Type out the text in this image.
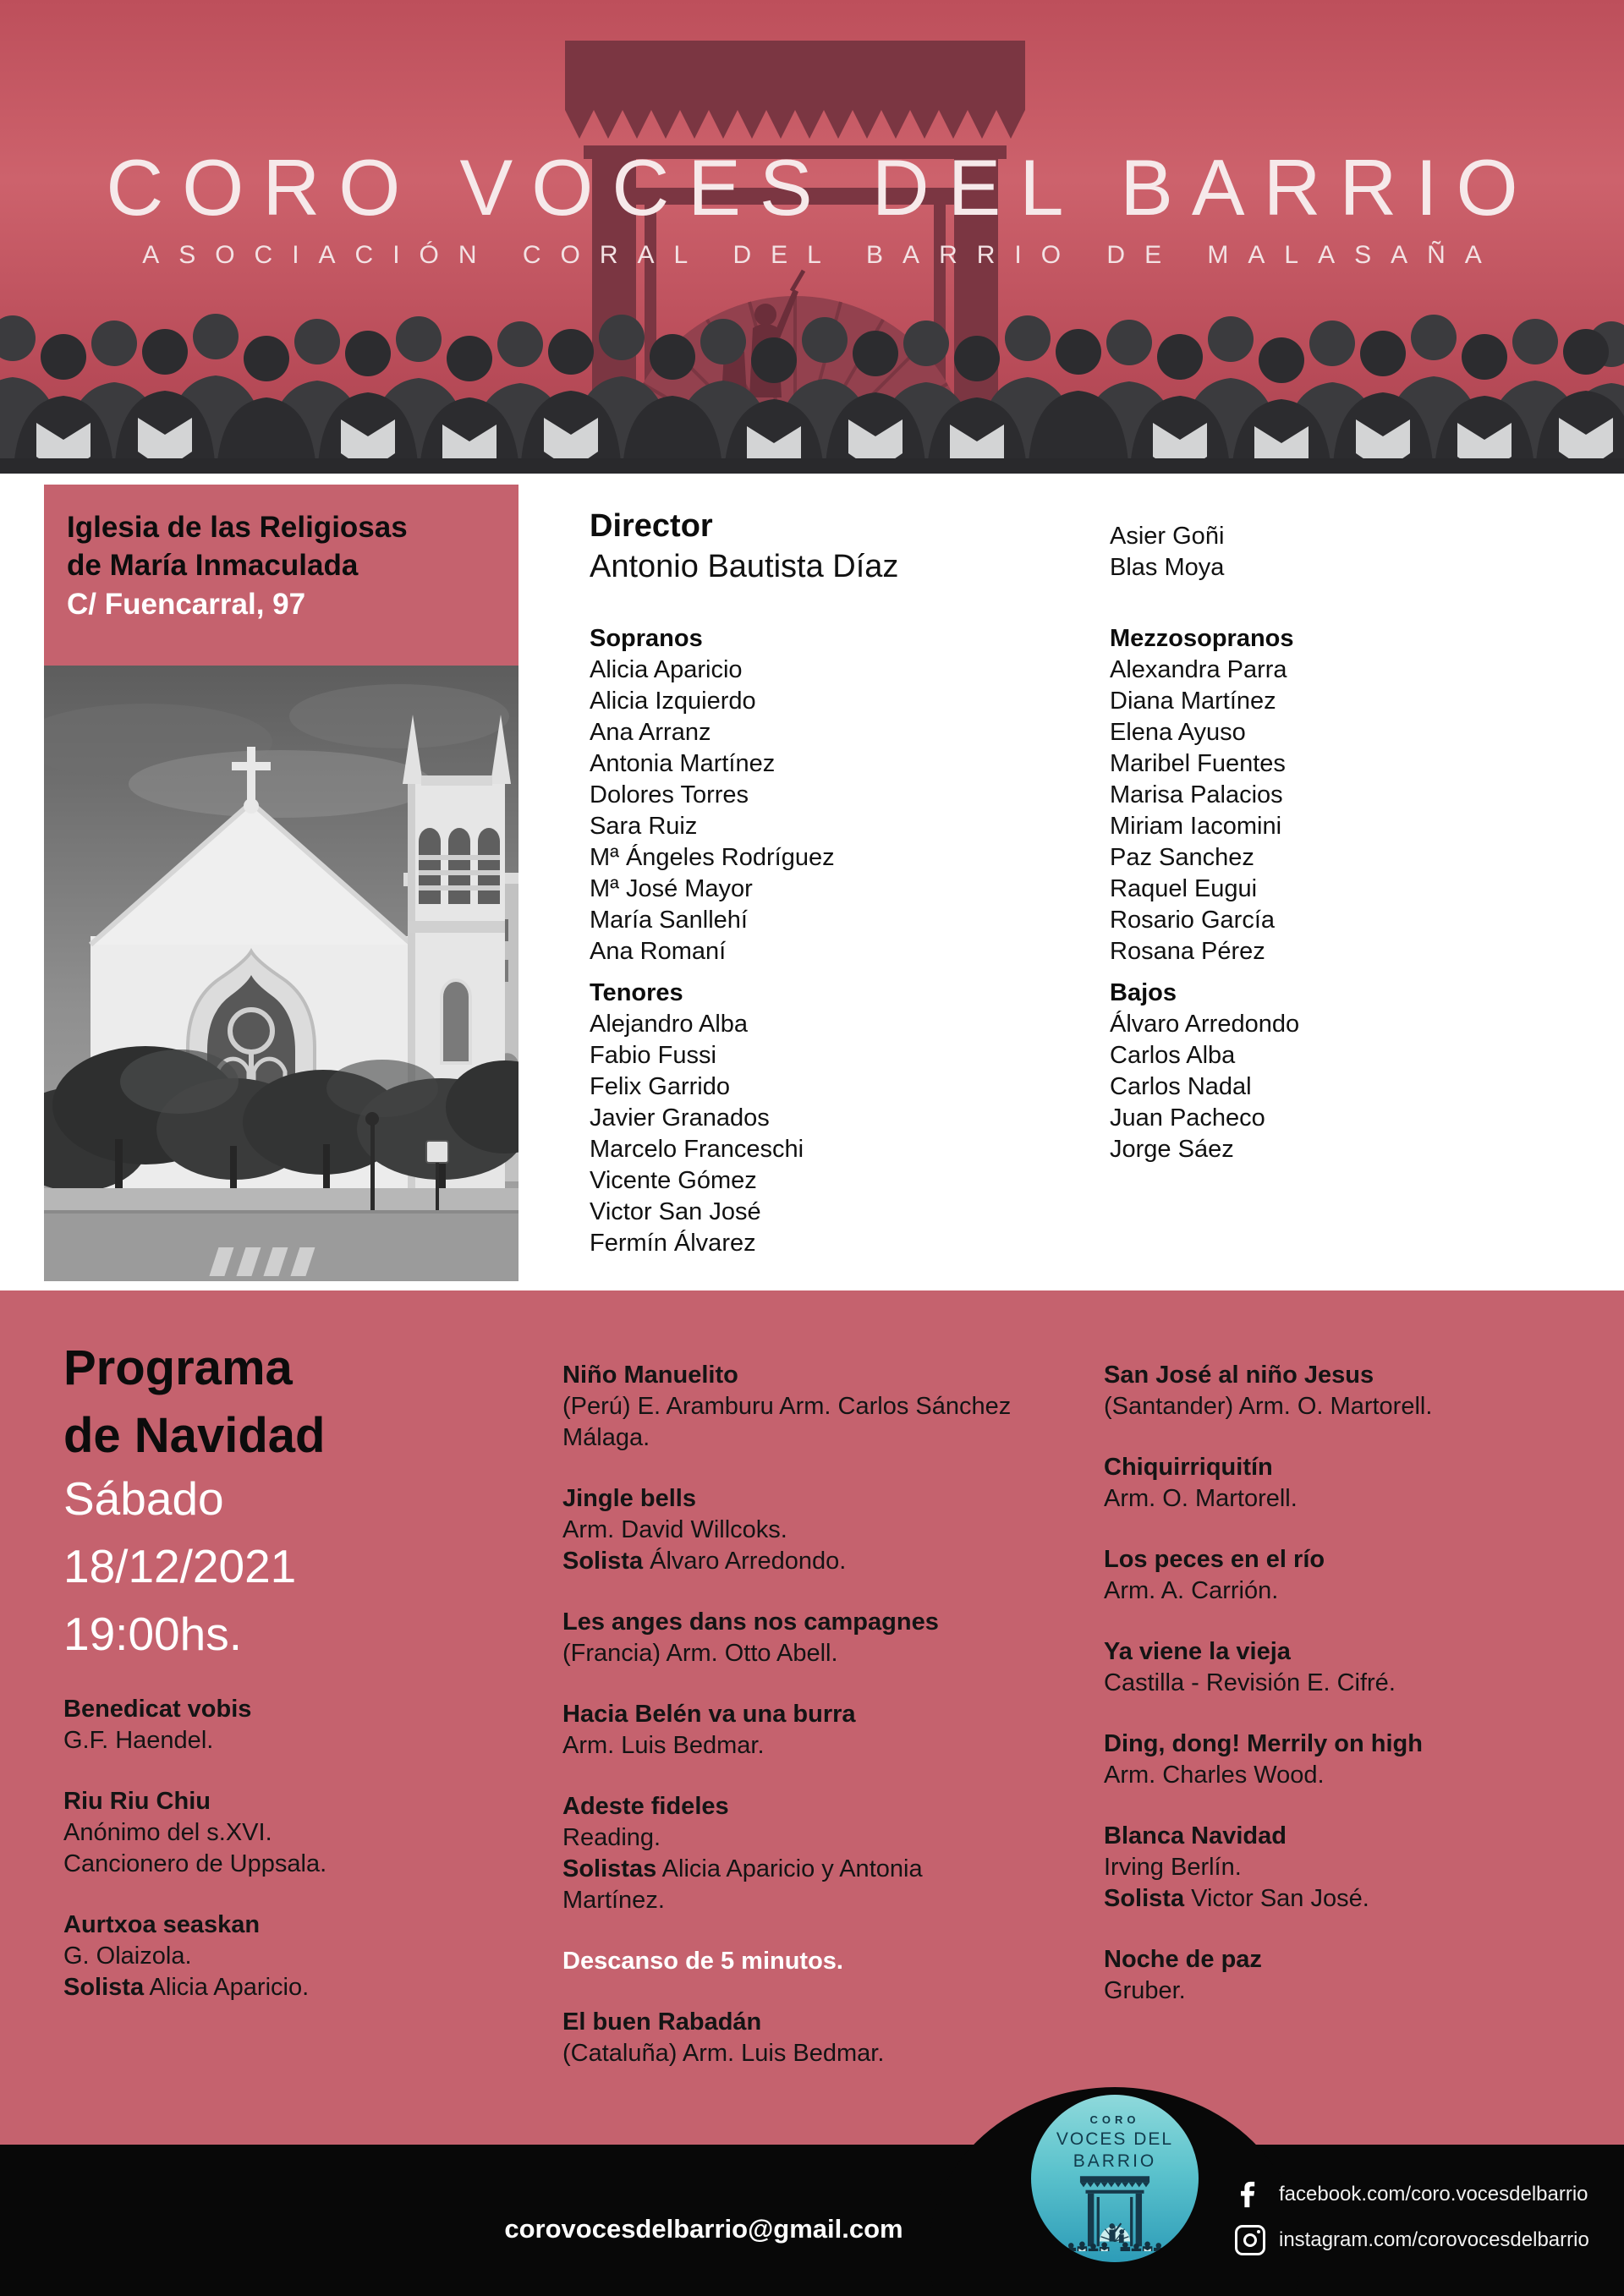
CORO VOCES DEL BARRIO
ASOCIACIÓN CORAL DEL BARRIO DE MALASAÑA
Iglesia de las Religiosas
de María Inmaculada
C/ Fuencarral, 97
Director
Antonio Bautista Díaz
Asier Goñi
Blas Moya
Sopranos
Alicia Aparicio
Alicia Izquierdo
Ana Arranz
Antonia Martínez
Dolores Torres
Sara Ruiz
Mª Ángeles Rodríguez
Mª José Mayor
María Sanllehí
Ana Romaní
Tenores
Alejandro Alba
Fabio Fussi
Felix Garrido
Javier Granados
Marcelo Franceschi
Vicente Gómez
Victor San José
Fermín Álvarez
Mezzosopranos
Alexandra Parra
Diana Martínez
Elena Ayuso
Maribel Fuentes
Marisa Palacios
Miriam Iacomini
Paz Sanchez
Raquel Eugui
Rosario García
Rosana Pérez
Bajos
Álvaro Arredondo
Carlos Alba
Carlos Nadal
Juan Pacheco
Jorge Sáez
Programa
de Navidad
Sábado
18/12/2021
19:00hs.
Benedicat vobis
G.F. Haendel.
Riu Riu Chiu
Anónimo del s.XVI.
Cancionero de Uppsala.
Aurtxoa seaskan
G. Olaizola.
Solista Alicia Aparicio.
Niño Manuelito
(Perú) E. Aramburu Arm. Carlos Sánchez
Málaga.
Jingle bells
Arm. David Willcoks.
Solista Álvaro Arredondo.
Les anges dans nos campagnes
(Francia) Arm. Otto Abell.
Hacia Belén va una burra
Arm. Luis Bedmar.
Adeste fideles
Reading.
Solistas Alicia Aparicio y Antonia
Martínez.
Descanso de 5 minutos.
El buen Rabadán
(Cataluña) Arm. Luis Bedmar.
San José al niño Jesus
(Santander) Arm. O. Martorell.
Chiquirriquitín
Arm. O. Martorell.
Los peces en el río
Arm. A. Carrión.
Ya viene la vieja
Castilla - Revisión E. Cifré.
Ding, dong! Merrily on high
Arm. Charles Wood.
Blanca Navidad
Irving Berlín.
Solista Victor San José.
Noche de paz
Gruber.
corovocesdelbarrio@gmail.com
CORO
VOCES DEL
BARRIO
facebook.com/coro.vocesdelbarrio
instagram.com/corovocesdelbarrio
